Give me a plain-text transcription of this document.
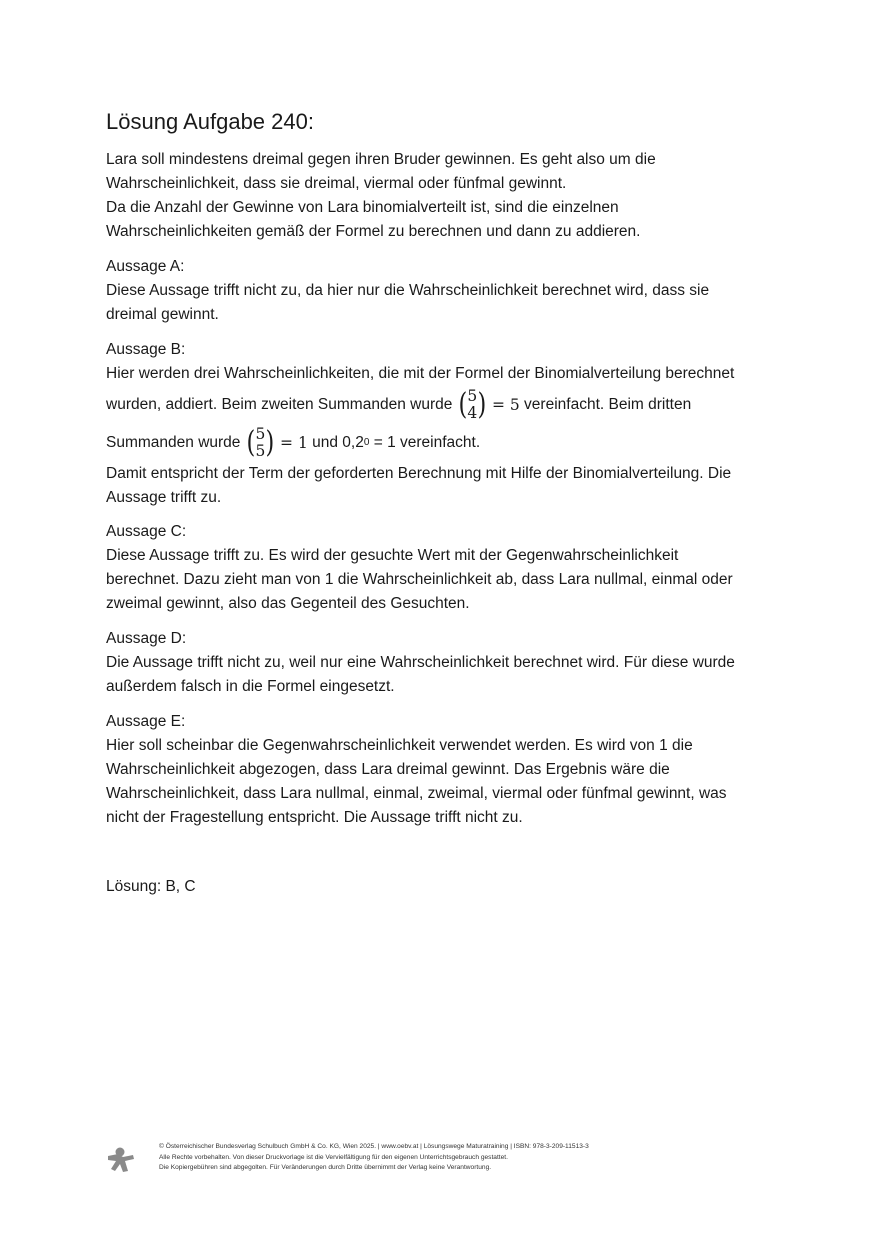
Lösung Aufgabe 240:
Lara soll mindestens dreimal gegen ihren Bruder gewinnen. Es geht also um die
Wahrscheinlichkeit, dass sie dreimal, viermal oder fünfmal gewinnt.
Da die Anzahl der Gewinne von Lara binomialverteilt ist, sind die einzelnen
Wahrscheinlichkeiten gemäß der Formel zu berechnen und dann zu addieren.
Aussage A:
Diese Aussage trifft nicht zu, da hier nur die Wahrscheinlichkeit berechnet wird, dass sie
dreimal gewinnt.
Aussage B:
Hier werden drei Wahrscheinlichkeiten, die mit der Formel der Binomialverteilung berechnet
wurden, addiert. Beim zweiten Summanden wurde ( 5
4 ) = 5 vereinfacht. Beim dritten
Summanden wurde ( 5
5 ) = 1 und 0,2 0 = 1 vereinfacht.
Damit entspricht der Term der geforderten Berechnung mit Hilfe der Binomialverteilung. Die
Aussage trifft zu.
Aussage C:
Diese Aussage trifft zu. Es wird der gesuchte Wert mit der Gegenwahrscheinlichkeit
berechnet. Dazu zieht man von 1 die Wahrscheinlichkeit ab, dass Lara nullmal, einmal oder
zweimal gewinnt, also das Gegenteil des Gesuchten.
Aussage D:
Die Aussage trifft nicht zu, weil nur eine Wahrscheinlichkeit berechnet wird. Für diese wurde
außerdem falsch in die Formel eingesetzt.
Aussage E:
Hier soll scheinbar die Gegenwahrscheinlichkeit verwendet werden. Es wird von 1 die
Wahrscheinlichkeit abgezogen, dass Lara dreimal gewinnt. Das Ergebnis wäre die
Wahrscheinlichkeit, dass Lara nullmal, einmal, zweimal, viermal oder fünfmal gewinnt, was
nicht der Fragestellung entspricht. Die Aussage trifft nicht zu.
Lösung: B, C
© Österreichischer Bundesverlag Schulbuch GmbH & Co. KG, Wien 2025. | www.oebv.at | Lösungswege Maturatraining | ISBN: 978-3-209-11513-3
Alle Rechte vorbehalten. Von dieser Druckvorlage ist die Vervielfältigung für den eigenen Unterrichtsgebrauch gestattet.
Die Kopiergebühren sind abgegolten. Für Veränderungen durch Dritte übernimmt der Verlag keine Verantwortung.
